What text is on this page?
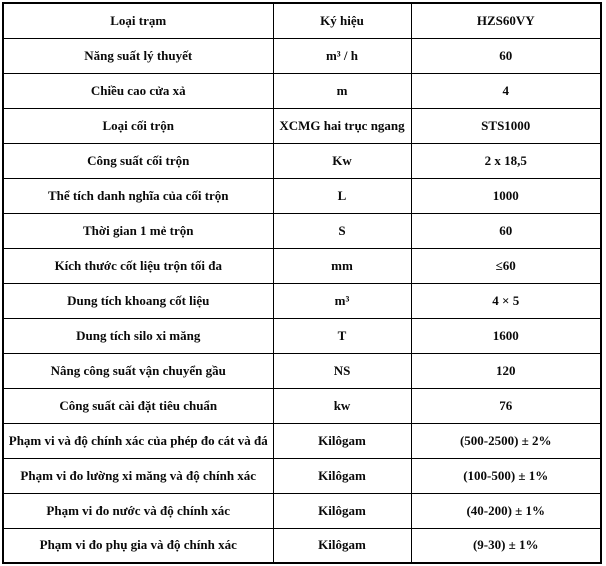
Loại trạm	Ký hiệu	HZS60VY
Năng suất lý thuyết	m³ / h	60
Chiều cao cửa xả	m	4
Loại cối trộn	XCMG hai trục ngang	STS1000
Công suất cối trộn	Kw	2 x 18,5
Thể tích danh nghĩa của cối trộn	L	1000
Thời gian 1 mẻ trộn	S	60
Kích thước cốt liệu trộn tối đa	mm	≤60
Dung tích khoang cốt liệu	m³	4 × 5
Dung tích silo xi măng	T	1600
Nâng công suất vận chuyển gầu	NS	120
Công suất cài đặt tiêu chuẩn	kw	76
Phạm vi và độ chính xác của phép đo cát và đá	Kilôgam	(500-2500) ± 2%
Phạm vi đo lường xi măng và độ chính xác	Kilôgam	(100-500) ± 1%
Phạm vi đo nước và độ chính xác	Kilôgam	(40-200) ± 1%
Phạm vi đo phụ gia và độ chính xác	Kilôgam	(9-30) ± 1%
